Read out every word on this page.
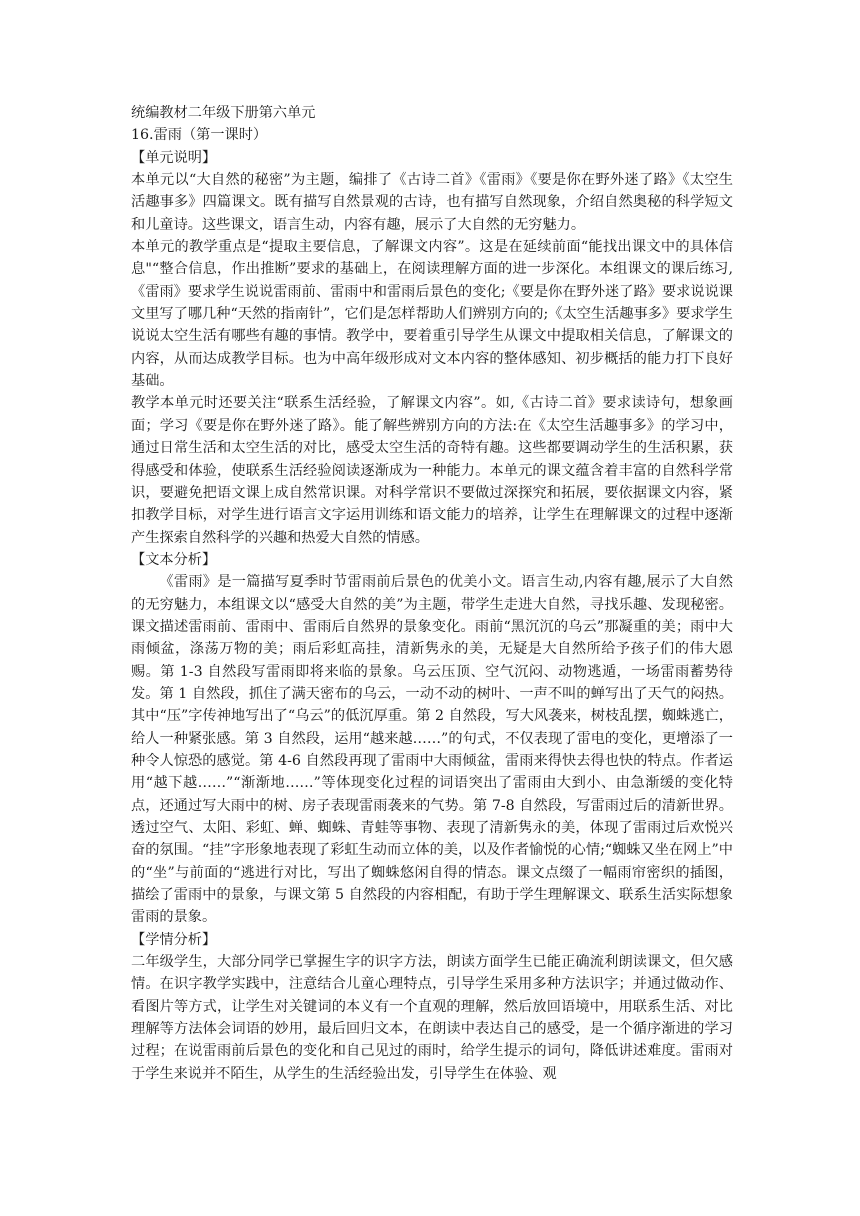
统编教材二年级下册第六单元
16.雷雨（第一课时）
【单元说明】

本单元以“大自然的秘密”为主题，编排了《古诗二首》《雷雨》《要是你在野外迷了路》《太空生活趣事多》四篇课文。既有描写自然景观的古诗，也有描写自然现象，介绍自然奥秘的科学短文和儿童诗。这些课文，语言生动，内容有趣，展示了大自然的无穷魅力。

本单元的教学重点是“提取主要信息，了解课文内容”。这是在延续前面“能找出课文中的具体信息"“整合信息，作出推断”要求的基础上，在阅读理解方面的进一步深化。本组课文的课后练习,《雷雨》要求学生说说雷雨前、雷雨中和雷雨后景色的变化;《要是你在野外迷了路》要求说说课文里写了哪几种“天然的指南针”，它们是怎样帮助人们辨别方向的;《太空生活趣事多》要求学生说说太空生活有哪些有趣的事情。教学中，要着重引导学生从课文中提取相关信息，了解课文的内容，从而达成教学目标。也为中高年级形成对文本内容的整体感知、初步概括的能力打下良好基础。

教学本单元时还要关注“联系生活经验，了解课文内容”。如,《古诗二首》要求读诗句，想象画面；学习《要是你在野外迷了路》。能了解些辨别方向的方法:在《太空生活趣事多》的学习中，通过日常生活和太空生活的对比，感受太空生活的奇特有趣。这些都要调动学生的生活积累，获得感受和体验，使联系生活经验阅读逐渐成为一种能力。本单元的课文蕴含着丰富的自然科学常识，要避免把语文课上成自然常识课。对科学常识不要做过深探究和拓展，要依据课文内容，紧扣教学目标，对学生进行语言文字运用训练和语文能力的培养，让学生在理解课文的过程中逐渐产生探索自然科学的兴趣和热爱大自然的情感。

【文本分析】

《雷雨》是一篇描写夏季时节雷雨前后景色的优美小文。语言生动,内容有趣,展示了大自然的无穷魅力，本组课文以“感受大自然的美”为主题，带学生走进大自然，寻找乐趣、发现秘密。课文描述雷雨前、雷雨中、雷雨后自然界的景象变化。雨前“黑沉沉的乌云”那凝重的美；雨中大雨倾盆，涤荡万物的美；雨后彩虹高挂，清新隽永的美，无疑是大自然所给予孩子们的伟大恩赐。第 1-3 自然段写雷雨即将来临的景象。乌云压顶、空气沉闷、动物逃遁，一场雷雨蓄势待发。第 1 自然段，抓住了满天密布的乌云，一动不动的树叶、一声不叫的蝉写出了天气的闷热。其中“压”字传神地写出了“乌云”的低沉厚重。第 2 自然段，写大风袭来，树枝乱摆，蜘蛛逃亡，给人一种紧张感。第 3 自然段，运用“越来越……”的句式，不仅表现了雷电的变化，更增添了一种令人惊恐的感觉。第 4-6 自然段再现了雷雨中大雨倾盆，雷雨来得快去得也快的特点。作者运用“越下越……”“渐渐地……”等体现变化过程的词语突出了雷雨由大到小、由急渐缓的变化特点，还通过写大雨中的树、房子表现雷雨袭来的气势。第 7-8 自然段，写雷雨过后的清新世界。透过空气、太阳、彩虹、蝉、蜘蛛、青蛙等事物、表现了清新隽永的美，体现了雷雨过后欢悦兴奋的氛围。“挂”字形象地表现了彩虹生动而立体的美，以及作者愉悦的心情;“蜘蛛又坐在网上”中的“坐”与前面的“逃进行对比，写出了蜘蛛悠闲自得的情态。课文点缀了一幅雨帘密织的插图，描绘了雷雨中的景象，与课文第 5 自然段的内容相配，有助于学生理解课文、联系生活实际想象雷雨的景象。

【学情分析】

二年级学生，大部分同学已掌握生字的识字方法，朗读方面学生已能正确流利朗读课文，但欠感情。在识字教学实践中，注意结合儿童心理特点，引导学生采用多种方法识字；并通过做动作、看图片等方式，让学生对关键词的本义有一个直观的理解，然后放回语境中，用联系生活、对比理解等方法体会词语的妙用，最后回归文本，在朗读中表达自己的感受，是一个循序渐进的学习过程；在说雷雨前后景色的变化和自己见过的雨时，给学生提示的词句，降低讲述难度。雷雨对于学生来说并不陌生，从学生的生活经验出发，引导学生在体验、观
